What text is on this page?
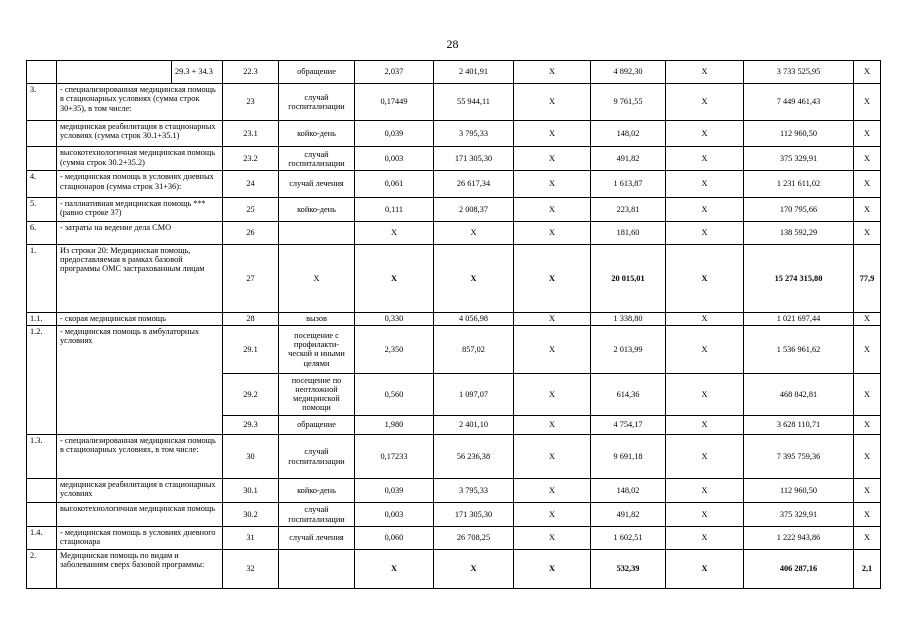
28
		29.3 + 34.3	22.3	обращение	2,037	2 401,91	X	4 892,30	X	3 733 525,95	X
3.	- специализированная медицинская помощь в стационарных условиях (сумма строк 30+35), в том числе:		23	случай госпитализации	0,17449	55 944,11	X	9 761,55	X	7 449 461,43	X
	медицинская реабилитация в стационарных условиях (сумма строк 30.1+35.1)		23.1	койко-день	0,039	3 795,33	X	148,02	X	112 960,50	X
	высокотехнологичная медицинская помощь (сумма строк 30.2+35.2)		23.2	случай госпитализации	0,003	171 305,30	X	491,82	X	375 329,91	X
4.	- медицинская помощь в условиях дневных стационаров (сумма строк 31+36):		24	случай лечения	0,061	26 617,34	X	1 613,87	X	1 231 611,02	X
5.	- паллиативная медицинская помощь *** (равно строке 37)		25	койко-день	0,111	2 008,37	X	223,81	X	170 795,66	X
6.	- затраты на ведение дела СМО		26		X	X	X	181,60	X	138 592,29	X
1.	Из строки 20: Медицинская помощь, предоставляемая в рамках базовой программы ОМС застрахованным лицам		27	X	X	X	X	20 015,01	X	15 274 315,80	77,9
1.1.	- скорая медицинская помощь		28	вызов	0,330	4 056,98	X	1 338,80	X	1 021 697,44	X
1.2.	- медицинская помощь в амбулаторных условиях		29.1	посещение с профилакти-ческой и иными целями	2,350	857,02	X	2 013,99	X	1 536 961,62	X
			29.2	посещение по неотложной медицинской помощи	0,560	1 097,07	X	614,36	X	468 842,81	X
			29.3	обращение	1,980	2 401,10	X	4 754,17	X	3 628 110,71	X
1.3.	- специализированная медицинская помощь в стационарных условиях, в том числе:		30	случай госпитализации	0,17233	56 236,38	X	9 691,18	X	7 395 759,36	X
	медицинская реабилитация в стационарных условиях		30.1	койко-день	0,039	3 795,33	X	148,02	X	112 960,50	X
	высокотехнологичная медицинская помощь		30.2	случай госпитализации	0,003	171 305,30	X	491,82	X	375 329,91	X
1.4.	- медицинская помощь в условиях дневного стационара		31	случай лечения	0,060	26 708,25	X	1 602,51	X	1 222 943,86	X
2.	Медицинская помощь по видам и заболеваниям сверх базовой программы:		32		X	X	X	532,39	X	406 287,16	2,1
